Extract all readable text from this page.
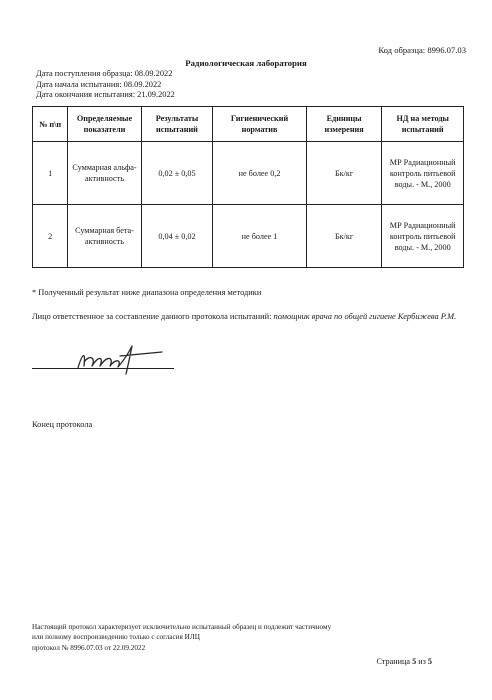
Код образца: 8996.07.03
Радиологическая лаборатория
Дата поступления образца: 08.09.2022
Дата начала испытания: 08.09.2022
Дата окончания испытания: 21.09.2022
№ п\п	Определяемые показатели	Результаты испытаний	Гигиенический норматив	Единицы измерения	НД на методы испытаний
1	Суммарная альфа-активность	0,02 ± 0,05	не более 0,2	Бк/кг	МР Радиационный контроль питьевой воды. - М., 2000
2	Суммарная бета-активность	0,04 ± 0,02	не более 1	Бк/кг	МР Радиационный контроль питьевой воды. - М., 2000
* Полученный результат ниже диапазона определения методики
Лицо ответственное за составление данного протокола испытаний: помощник врача по общей гигиене Кербижева Р.М.
Конец протокола
Настоящий протокол характеризует исключительно испытанный образец и подлежит частичному
или полному воспроизведению только с согласия ИЛЦ
протокол № 8996.07.03 от 22.09.2022
Страница 5 из 5
